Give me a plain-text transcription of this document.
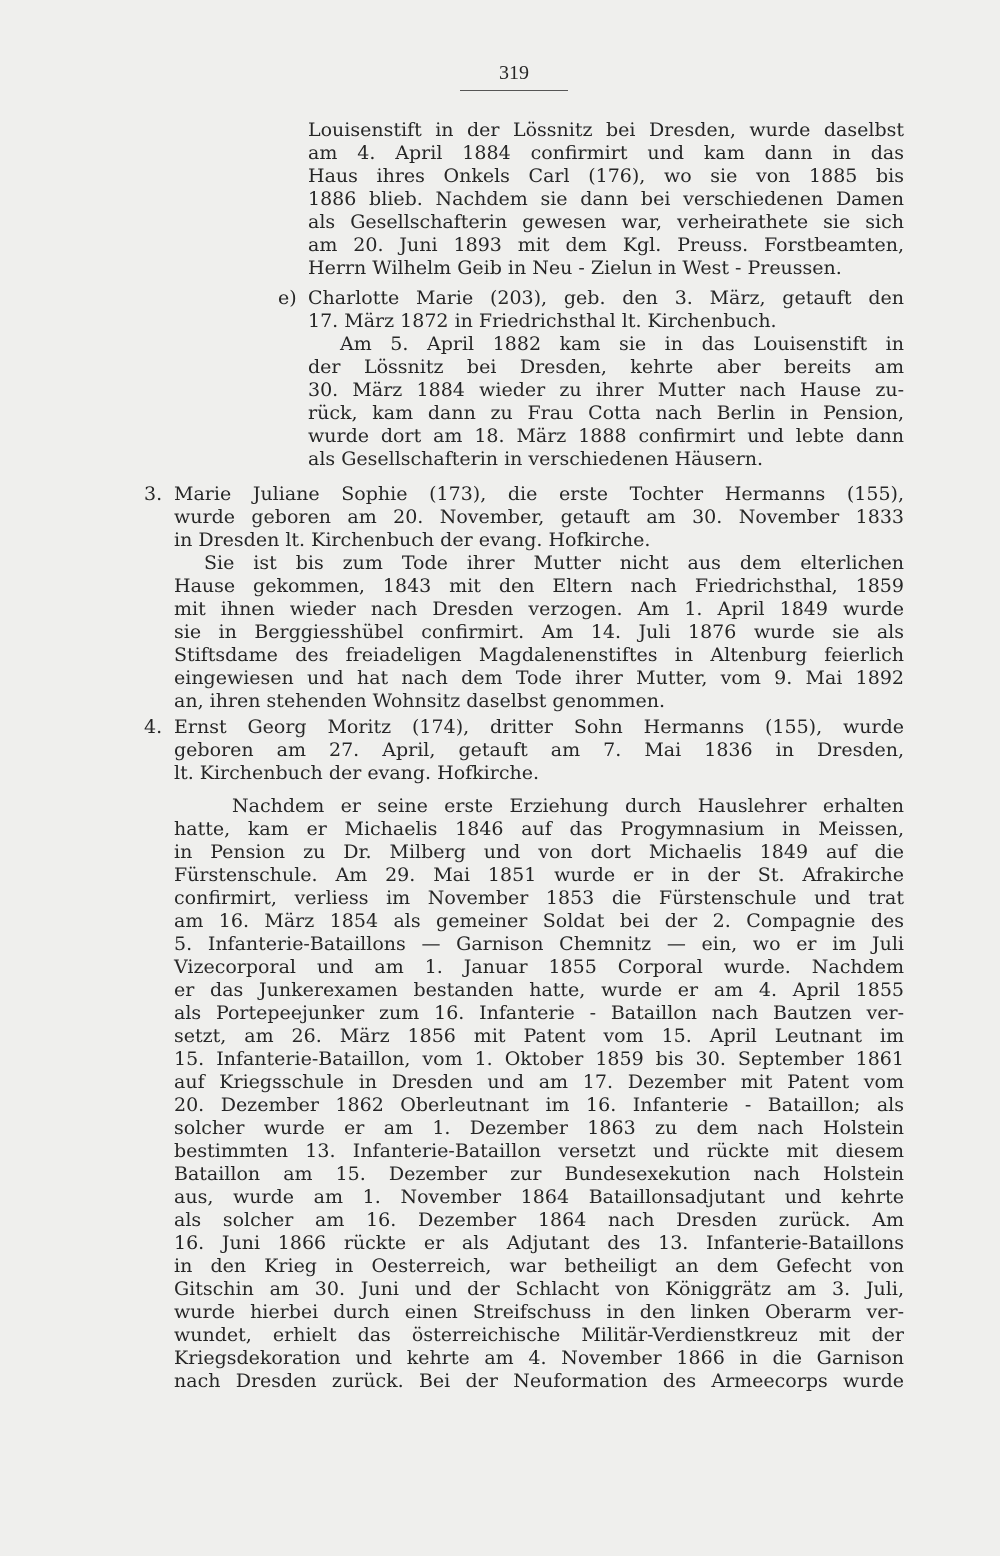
319
Louisenstift in der Lössnitz bei Dresden, wurde daselbst
am 4. April 1884 confirmirt und kam dann in das
Haus ihres Onkels Carl (176), wo sie von 1885 bis
1886 blieb. Nachdem sie dann bei verschiedenen Damen
als Gesellschafterin gewesen war, verheirathete sie sich
am 20. Juni 1893 mit dem Kgl. Preuss. Forstbeamten,
Herrn Wilhelm Geib in Neu - Zielun in West - Preussen.
Charlotte Marie (203), geb. den 3. März, getauft den
17. März 1872 in Friedrichsthal lt. Kirchenbuch.
Am 5. April 1882 kam sie in das Louisenstift in
der Lössnitz bei Dresden, kehrte aber bereits am
30. März 1884 wieder zu ihrer Mutter nach Hause zu-
rück, kam dann zu Frau Cotta nach Berlin in Pension,
wurde dort am 18. März 1888 confirmirt und lebte dann
als Gesellschafterin in verschiedenen Häusern.
Marie Juliane Sophie (173), die erste Tochter Hermanns (155),
wurde geboren am 20. November, getauft am 30. November 1833
in Dresden lt. Kirchenbuch der evang. Hofkirche.
Sie ist bis zum Tode ihrer Mutter nicht aus dem elterlichen
Hause gekommen, 1843 mit den Eltern nach Friedrichsthal, 1859
mit ihnen wieder nach Dresden verzogen. Am 1. April 1849 wurde
sie in Berggiesshübel confirmirt. Am 14. Juli 1876 wurde sie als
Stiftsdame des freiadeligen Magdalenenstiftes in Altenburg feierlich
eingewiesen und hat nach dem Tode ihrer Mutter, vom 9. Mai 1892
an, ihren stehenden Wohnsitz daselbst genommen.
Ernst Georg Moritz (174), dritter Sohn Hermanns (155), wurde
geboren am 27. April, getauft am 7. Mai 1836 in Dresden,
lt. Kirchenbuch der evang. Hofkirche.
Nachdem er seine erste Erziehung durch Hauslehrer erhalten
hatte, kam er Michaelis 1846 auf das Progymnasium in Meissen,
in Pension zu Dr. Milberg und von dort Michaelis 1849 auf die
Fürstenschule. Am 29. Mai 1851 wurde er in der St. Afrakirche
confirmirt, verliess im November 1853 die Fürstenschule und trat
am 16. März 1854 als gemeiner Soldat bei der 2. Compagnie des
5. Infanterie-Bataillons — Garnison Chemnitz — ein, wo er im Juli
Vizecorporal und am 1. Januar 1855 Corporal wurde. Nachdem
er das Junkerexamen bestanden hatte, wurde er am 4. April 1855
als Portepeejunker zum 16. Infanterie - Bataillon nach Bautzen ver-
setzt, am 26. März 1856 mit Patent vom 15. April Leutnant im
15. Infanterie-Bataillon, vom 1. Oktober 1859 bis 30. September 1861
auf Kriegsschule in Dresden und am 17. Dezember mit Patent vom
20. Dezember 1862 Oberleutnant im 16. Infanterie - Bataillon; als
solcher wurde er am 1. Dezember 1863 zu dem nach Holstein
bestimmten 13. Infanterie-Bataillon versetzt und rückte mit diesem
Bataillon am 15. Dezember zur Bundesexekution nach Holstein
aus, wurde am 1. November 1864 Bataillonsadjutant und kehrte
als solcher am 16. Dezember 1864 nach Dresden zurück. Am
16. Juni 1866 rückte er als Adjutant des 13. Infanterie-Bataillons
in den Krieg in Oesterreich, war betheiligt an dem Gefecht von
Gitschin am 30. Juni und der Schlacht von Königgrätz am 3. Juli,
wurde hierbei durch einen Streifschuss in den linken Oberarm ver-
wundet, erhielt das österreichische Militär-Verdienstkreuz mit der
Kriegsdekoration und kehrte am 4. November 1866 in die Garnison
nach Dresden zurück. Bei der Neuformation des Armeecorps wurde
e)
3.
4.
